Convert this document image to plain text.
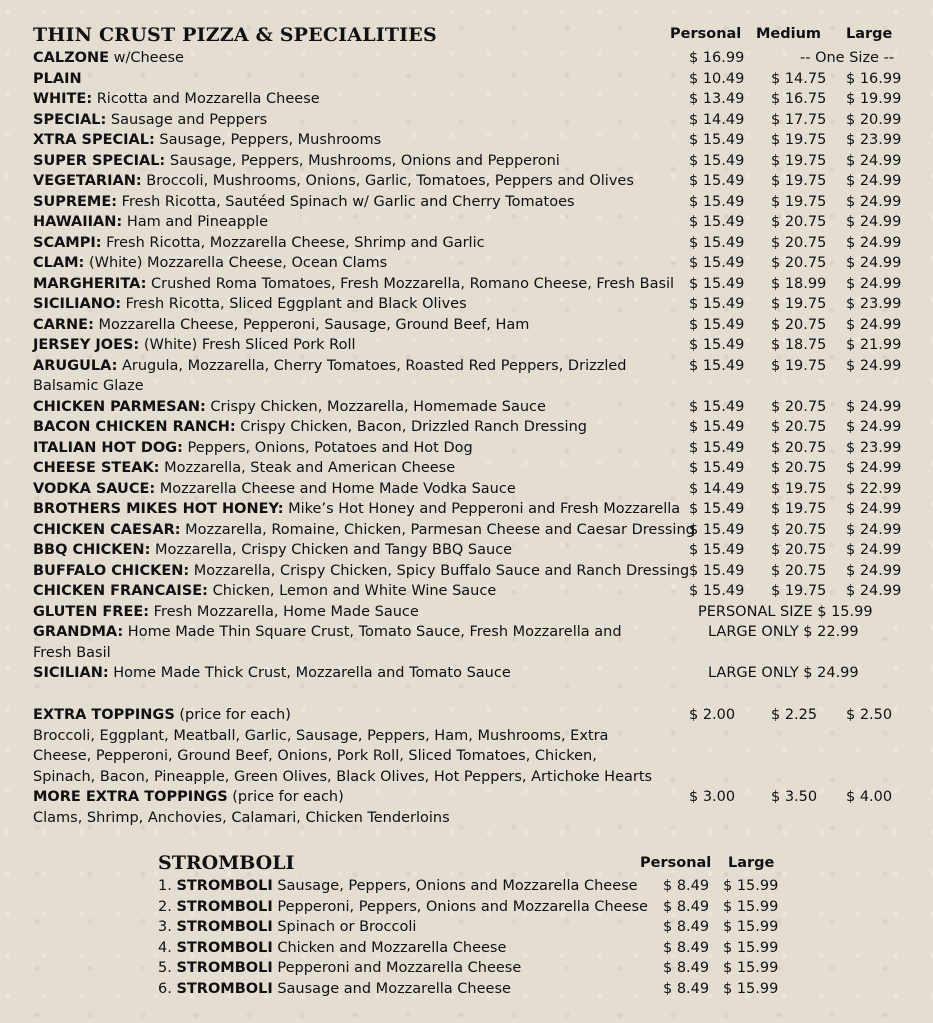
THIN CRUST PIZZA & SPECIALITIES	Personal Medium Large
CALZONE w/Cheese	$ 16.99	-- One Size --
PLAIN	$ 10.49 $ 14.75 $ 16.99
WHITE: Ricotta and Mozzarella Cheese	$ 13.49 $ 16.75 $ 19.99
SPECIAL: Sausage and Peppers	$ 14.49 $ 17.75 $ 20.99
XTRA SPECIAL: Sausage, Peppers, Mushrooms	$ 15.49 $ 19.75 $ 23.99
SUPER SPECIAL: Sausage, Peppers, Mushrooms, Onions and Pepperoni	$ 15.49 $ 19.75 $ 24.99
VEGETARIAN: Broccoli, Mushrooms, Onions, Garlic, Tomatoes, Peppers and Olives	$ 15.49 $ 19.75 $ 24.99
SUPREME: Fresh Ricotta, Sautéed Spinach w/ Garlic and Cherry Tomatoes	$ 15.49 $ 19.75 $ 24.99
HAWAIIAN: Ham and Pineapple	$ 15.49 $ 20.75 $ 24.99
SCAMPI: Fresh Ricotta, Mozzarella Cheese, Shrimp and Garlic	$ 15.49 $ 20.75 $ 24.99
CLAM: (White) Mozzarella Cheese, Ocean Clams	$ 15.49 $ 20.75 $ 24.99
MARGHERITA: Crushed Roma Tomatoes, Fresh Mozzarella, Romano Cheese, Fresh Basil $ 15.49 $ 18.99 $ 24.99
SICILIANO: Fresh Ricotta, Sliced Eggplant and Black Olives	$ 15.49 $ 19.75 $ 23.99
CARNE: Mozzarella Cheese, Pepperoni, Sausage, Ground Beef, Ham	$ 15.49 $ 20.75 $ 24.99
JERSEY JOES: (White) Fresh Sliced Pork Roll	$ 15.49 $ 18.75 $ 21.99
ARUGULA: Arugula, Mozzarella, Cherry Tomatoes, Roasted Red Peppers, Drizzled Balsamic Glaze
$ 15.49 $ 19.75 $ 24.99
CHICKEN PARMESAN: Crispy Chicken, Mozzarella, Homemade Sauce	$ 15.49 $ 20.75 $ 24.99
BACON CHICKEN RANCH: Crispy Chicken, Bacon, Drizzled Ranch Dressing	$ 15.49 $ 20.75 $ 24.99
ITALIAN HOT DOG: Peppers, Onions, Potatoes and Hot Dog	$ 15.49 $ 20.75 $ 23.99
CHEESE STEAK: Mozzarella, Steak and American Cheese	$ 15.49 $ 20.75 $ 24.99
VODKA SAUCE: Mozzarella Cheese and Home Made Vodka Sauce	$ 14.49 $ 19.75 $ 22.99
BROTHERS MIKES HOT HONEY: Mike’s Hot Honey and Pepperoni and Fresh Mozzarella $ 15.49 $ 19.75 $ 24.99
CHICKEN CAESAR: Mozzarella, Romaine, Chicken, Parmesan Cheese and Caesar Dressing
$ 15.49 $ 20.75 $ 24.99
BBQ CHICKEN: Mozzarella, Crispy Chicken and Tangy BBQ Sauce	$ 15.49 $ 20.75 $ 24.99
BUFFALO CHICKEN: Mozzarella, Crispy Chicken, Spicy Buffalo Sauce and Ranch Dressing $ 15.49 $ 20.75 $ 24.99
CHICKEN FRANCAISE: Chicken, Lemon and White Wine Sauce	$ 15.49 $ 19.75 $ 24.99
GLUTEN FREE: Fresh Mozzarella, Home Made Sauce	PERSONAL SIZE $ 15.99
GRANDMA: Home Made Thin Square Crust, Tomato Sauce, Fresh Mozzarella and Fresh Basil
LARGE ONLY $ 22.99
SICILIAN: Home Made Thick Crust, Mozzarella and Tomato Sauce	LARGE ONLY $ 24.99
EXTRA TOPPINGS (price for each)
Broccoli, Eggplant, Meatball, Garlic, Sausage, Peppers, Ham, Mushrooms, Extra Cheese, Pepperoni, Ground Beef, Onions, Pork Roll, Sliced Tomatoes, Chicken, Spinach, Bacon, Pineapple, Green Olives, Black Olives, Hot Peppers, Artichoke Hearts
$ 2.00 $ 2.25 $ 2.50
MORE EXTRA TOPPINGS (price for each)
Clams, Shrimp, Anchovies, Calamari, Chicken Tenderloins
$ 3.00 $ 3.50 $ 4.00
STROMBOLI	Personal Large
1. STROMBOLI Sausage, Peppers, Onions and Mozzarella Cheese $ 8.49 $ 15.99
2. STROMBOLI Pepperoni, Peppers, Onions and Mozzarella Cheese $ 8.49 $ 15.99
3. STROMBOLI Spinach or Broccoli	$ 8.49 $ 15.99
4. STROMBOLI Chicken and Mozzarella Cheese	$ 8.49 $ 15.99
5. STROMBOLI Pepperoni and Mozzarella Cheese	$ 8.49 $ 15.99
6. STROMBOLI Sausage and Mozzarella Cheese	$ 8.49 $ 15.99
